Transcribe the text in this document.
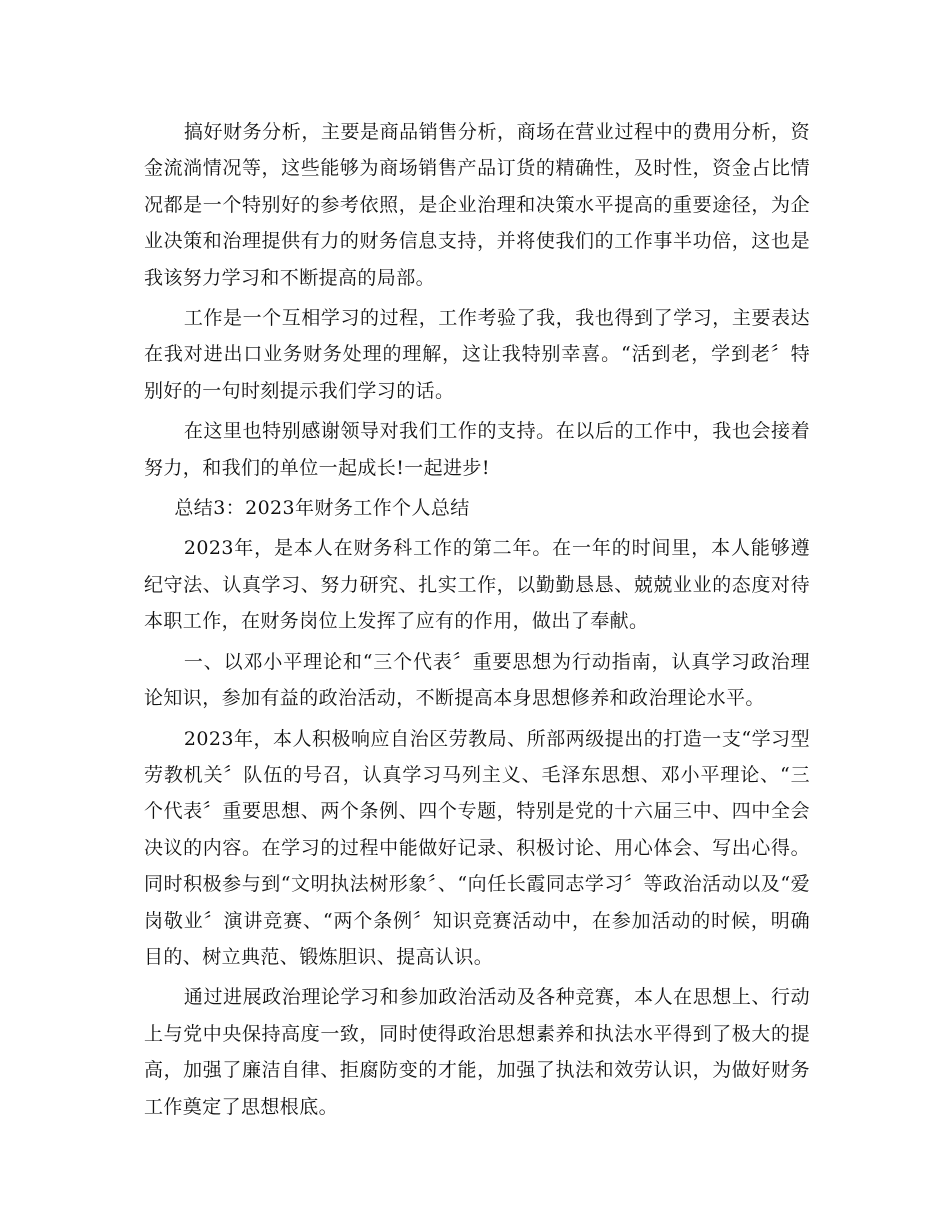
搞好财务分析，主要是商品销售分析，商场在营业过程中的费用分析，资金流淌情况等，这些能够为商场销售产品订货的精确性，及时性，资金占比情况都是一个特别好的参考依照，是企业治理和决策水平提高的重要途径，为企业决策和治理提供有力的财务信息支持，并将使我们的工作事半功倍，这也是我该努力学习和不断提高的局部。

工作是一个互相学习的过程，工作考验了我，我也得到了学习，主要表达在我对进出口业务财务处理的理解，这让我特别幸喜。“活到老，学到老〞特别好的一句时刻提示我们学习的话。

在这里也特别感谢领导对我们工作的支持。在以后的工作中，我也会接着努力，和我们的单位一起成长!一起进步!

总结3：2023年财务工作个人总结

2023年，是本人在财务科工作的第二年。在一年的时间里，本人能够遵纪守法、认真学习、努力研究、扎实工作，以勤勤恳恳、兢兢业业的态度对待本职工作，在财务岗位上发挥了应有的作用，做出了奉献。

一、以邓小平理论和“三个代表〞重要思想为行动指南，认真学习政治理论知识，参加有益的政治活动，不断提高本身思想修养和政治理论水平。

2023年，本人积极响应自治区劳教局、所部两级提出的打造一支“学习型劳教机关〞队伍的号召，认真学习马列主义、毛泽东思想、邓小平理论、“三个代表〞重要思想、两个条例、四个专题，特别是党的十六届三中、四中全会决议的内容。在学习的过程中能做好记录、积极讨论、用心体会、写出心得。同时积极参与到“文明执法树形象〞、“向任长霞同志学习〞等政治活动以及“爱岗敬业〞演讲竞赛、“两个条例〞知识竞赛活动中，在参加活动的时候，明确目的、树立典范、锻炼胆识、提高认识。

通过进展政治理论学习和参加政治活动及各种竞赛，本人在思想上、行动上与党中央保持高度一致，同时使得政治思想素养和执法水平得到了极大的提高，加强了廉洁自律、拒腐防变的才能，加强了执法和效劳认识，为做好财务工作奠定了思想根底。
